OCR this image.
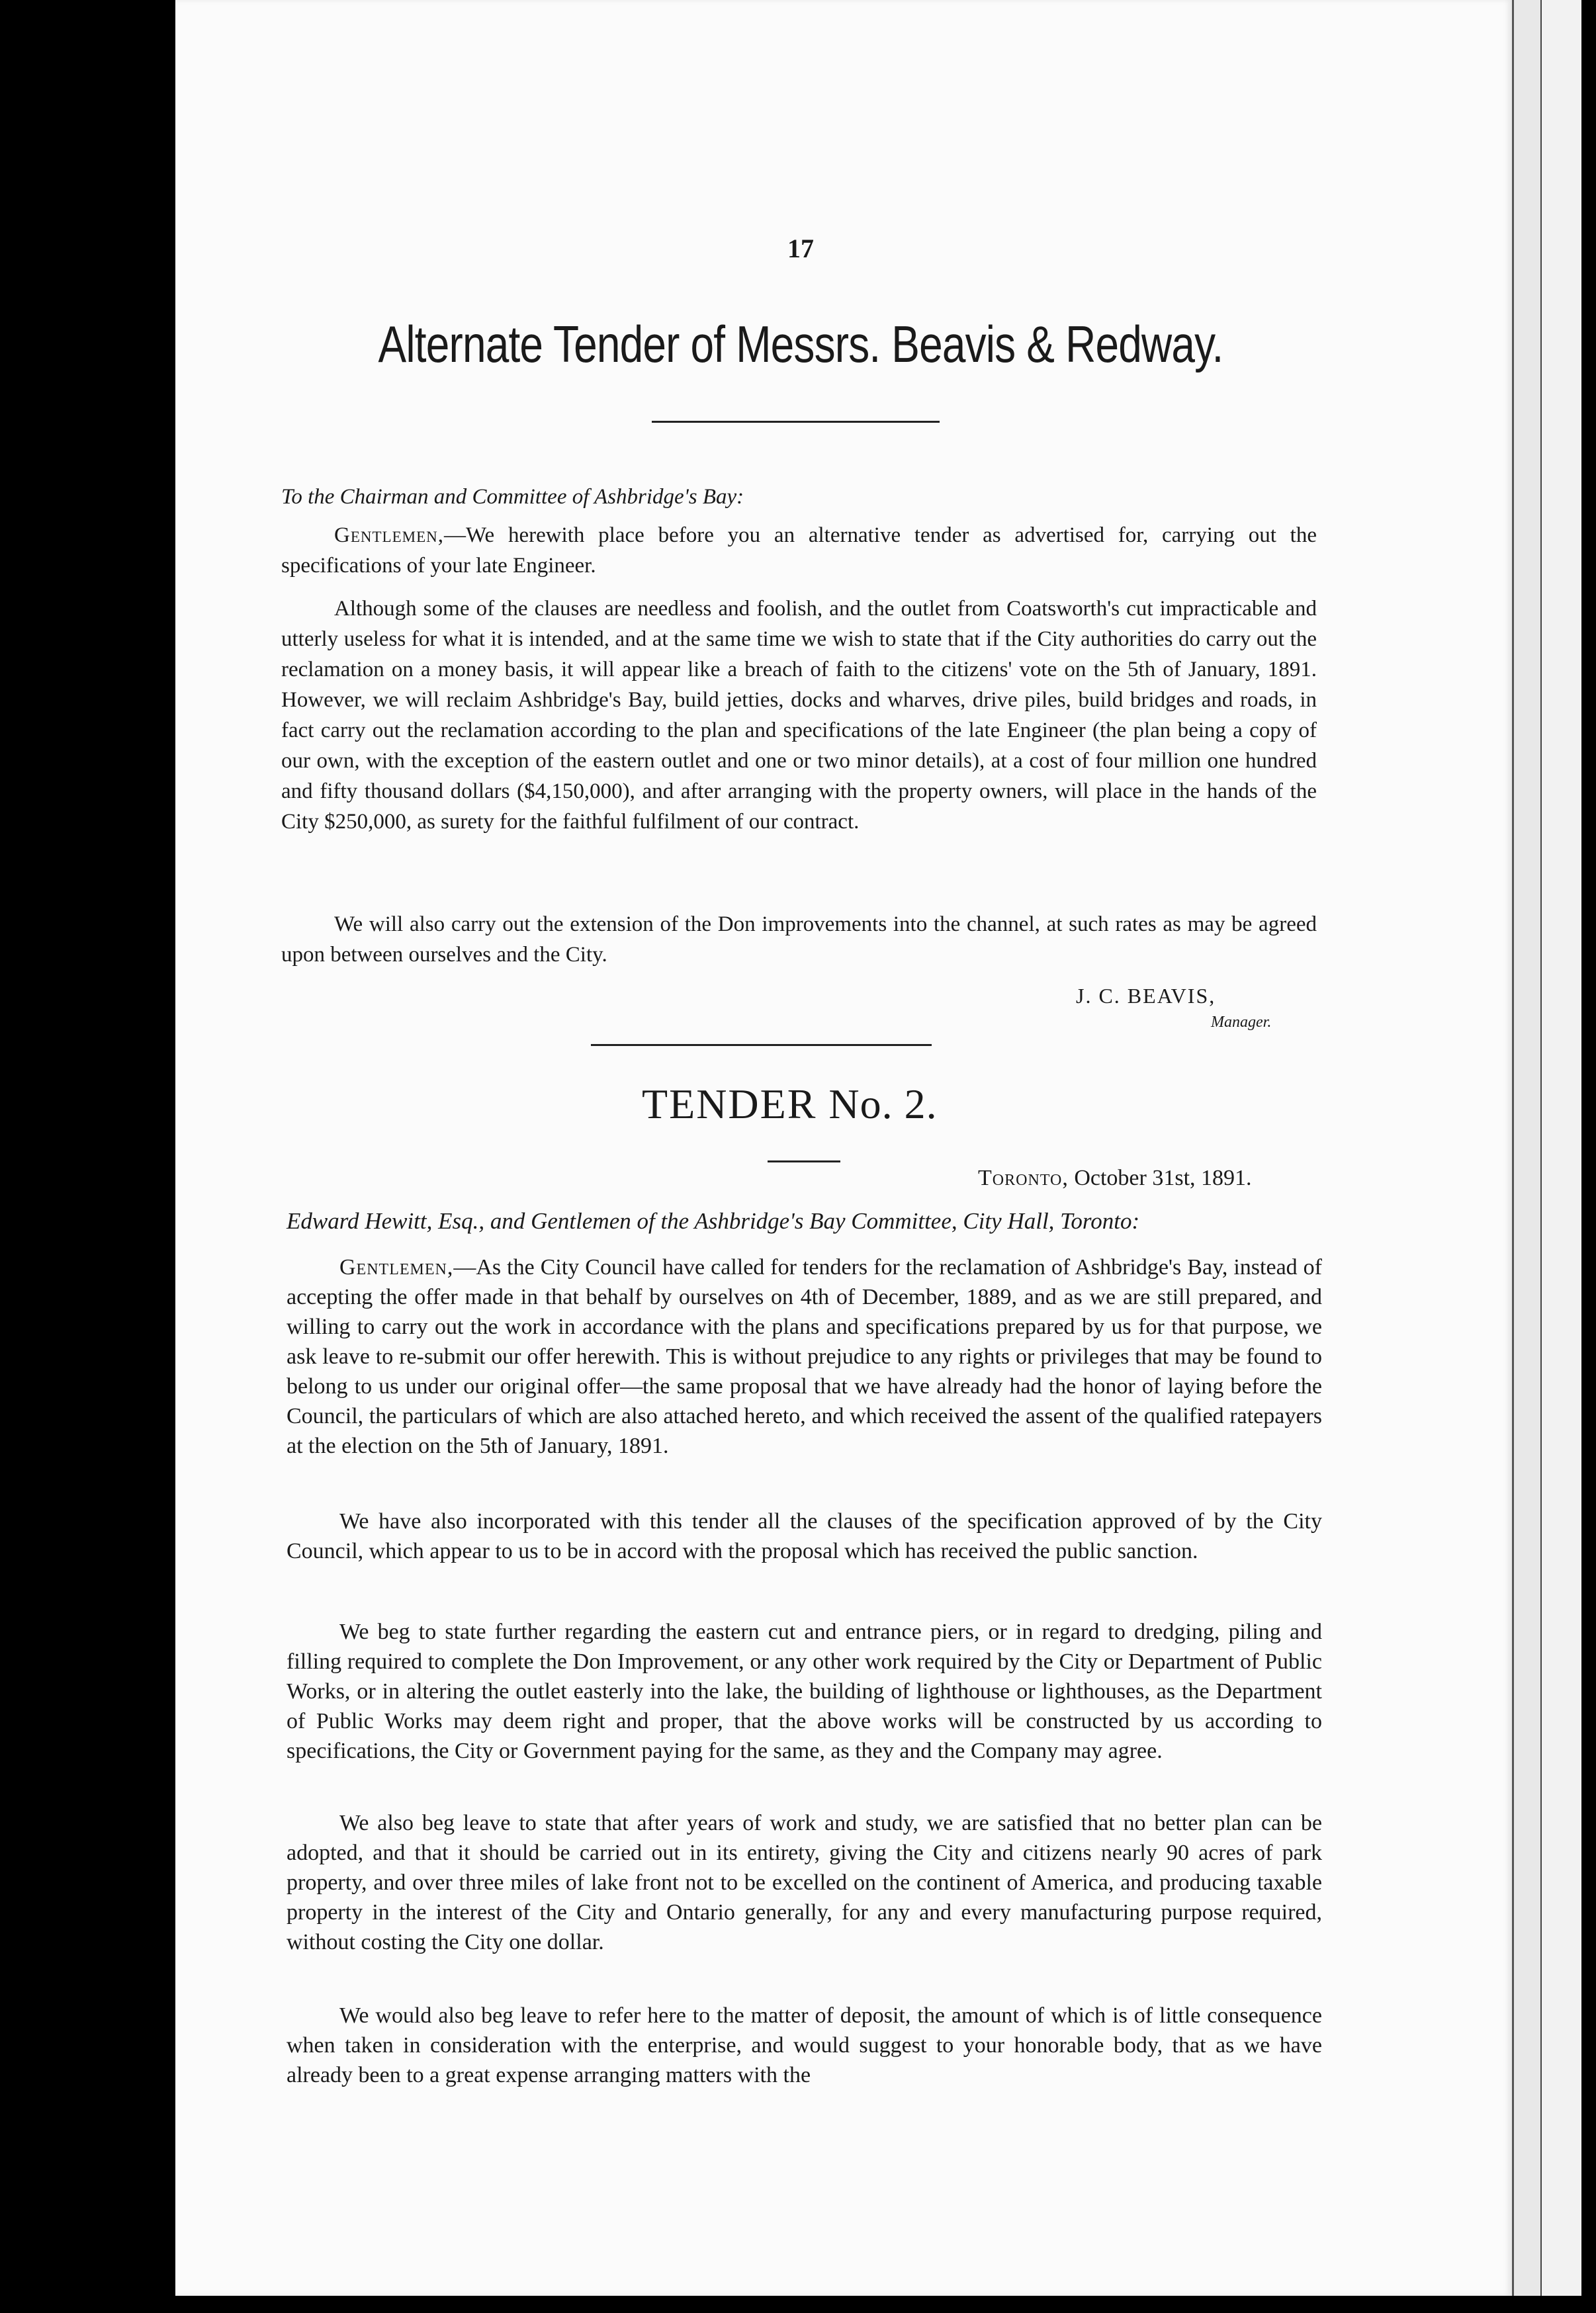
17
Alternate Tender of Messrs. Beavis & Redway.
To the Chairman and Committee of Ashbridge's Bay:
Gentlemen,—We herewith place before you an alternative tender as advertised for, carrying out the specifications of your late Engineer.
Although some of the clauses are needless and foolish, and the outlet from Coatsworth's cut impracticable and utterly useless for what it is intended, and at the same time we wish to state that if the City authorities do carry out the reclamation on a money basis, it will appear like a breach of faith to the citizens' vote on the 5th of January, 1891. However, we will reclaim Ashbridge's Bay, build jetties, docks and wharves, drive piles, build bridges and roads, in fact carry out the reclamation according to the plan and specifications of the late Engineer (the plan being a copy of our own, with the exception of the eastern outlet and one or two minor details), at a cost of four million one hundred and fifty thousand dollars ($4,150,000), and after arranging with the property owners, will place in the hands of the City $250,000, as surety for the faithful fulfilment of our contract.
We will also carry out the extension of the Don improvements into the channel, at such rates as may be agreed upon between ourselves and the City.
J. C. BEAVIS,
Manager.
TENDER No. 2.
Toronto, October 31st, 1891.
Edward Hewitt, Esq., and Gentlemen of the Ashbridge's Bay Committee, City Hall, Toronto:
Gentlemen,—As the City Council have called for tenders for the reclamation of Ashbridge's Bay, instead of accepting the offer made in that behalf by ourselves on 4th of December, 1889, and as we are still prepared, and willing to carry out the work in accordance with the plans and specifications prepared by us for that purpose, we ask leave to re-submit our offer herewith. This is without prejudice to any rights or privileges that may be found to belong to us under our original offer—the same proposal that we have already had the honor of laying before the Council, the particulars of which are also attached hereto, and which received the assent of the qualified ratepayers at the election on the 5th of January, 1891.
We have also incorporated with this tender all the clauses of the specification approved of by the City Council, which appear to us to be in accord with the proposal which has received the public sanction.
We beg to state further regarding the eastern cut and entrance piers, or in regard to dredging, piling and filling required to complete the Don Improvement, or any other work required by the City or Department of Public Works, or in altering the outlet easterly into the lake, the building of lighthouse or lighthouses, as the Department of Public Works may deem right and proper, that the above works will be constructed by us according to specifications, the City or Government paying for the same, as they and the Company may agree.
We also beg leave to state that after years of work and study, we are satisfied that no better plan can be adopted, and that it should be carried out in its entirety, giving the City and citizens nearly 90 acres of park property, and over three miles of lake front not to be excelled on the continent of America, and producing taxable property in the interest of the City and Ontario generally, for any and every manufacturing purpose required, without costing the City one dollar.
We would also beg leave to refer here to the matter of deposit, the amount of which is of little consequence when taken in consideration with the enterprise, and would suggest to your honorable body, that as we have already been to a great expense arranging matters with the
